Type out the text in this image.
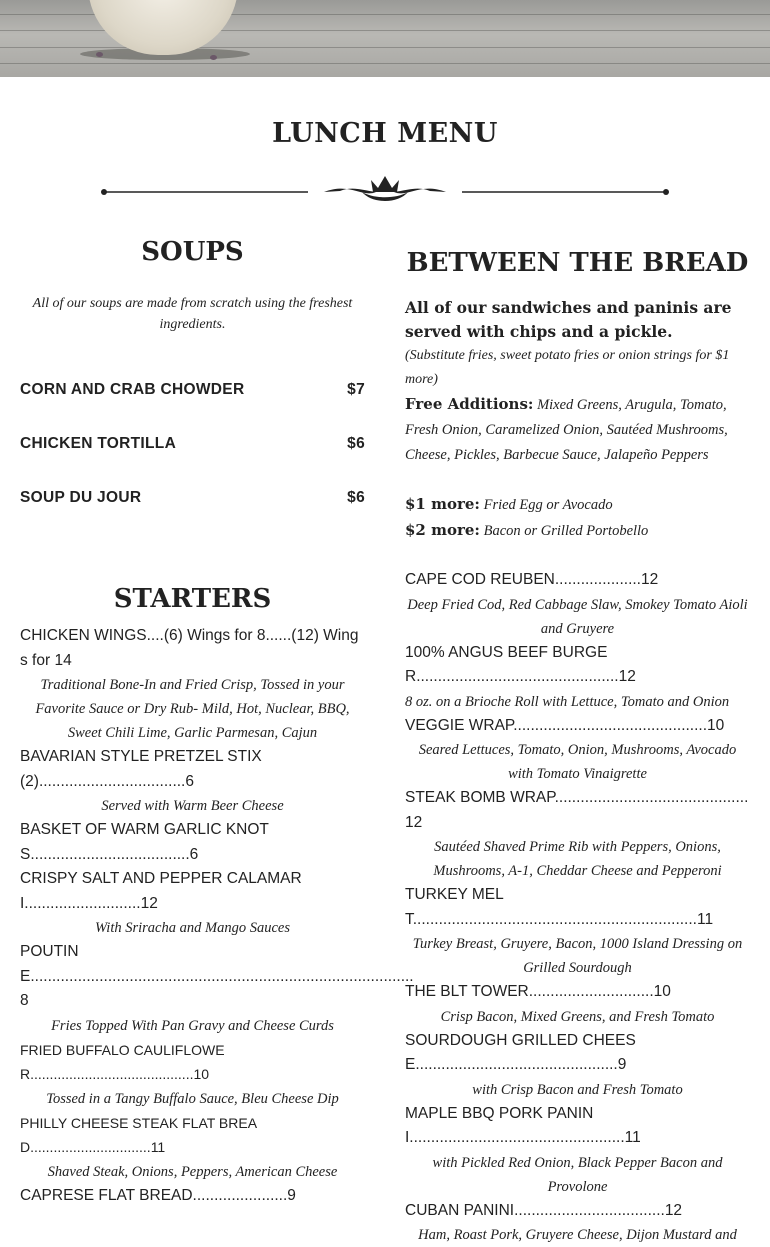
LUNCH MENU
SOUPS

All of our soups are made from scratch using the freshest ingredients.

CORN AND CRAB CHOWDER	$7
CHICKEN TORTILLA	$6
SOUP DU JOUR	$6
STARTERS
CHICKEN WINGS....(6) Wings for 8......(12) Wings for 14
Traditional Bone-In and Fried Crisp, Tossed in your Favorite Sauce or Dry Rub- Mild, Hot, Nuclear, BBQ, Sweet Chili Lime, Garlic Parmesan, Cajun
BAVARIAN STYLE PRETZEL STIX (2)..................................6
Served with Warm Beer Cheese
BASKET OF WARM GARLIC KNOTS.....................................6
CRISPY SALT AND PEPPER CALAMARI...........................12
With Sriracha and Mango Sauces
POUTINE.........................................................................................8
Fries Topped With Pan Gravy and Cheese Curds
FRIED BUFFALO CAULIFLOWER..........................................10
Tossed in a Tangy Buffalo Sauce, Bleu Cheese Dip
PHILLY CHEESE STEAK FLAT BREAD...............................11
Shaved Steak, Onions, Peppers, American Cheese
CAPRESE FLAT BREAD......................9
BETWEEN THE BREAD
All of our sandwiches and paninis are served with chips and a pickle.
(Substitute fries, sweet potato fries or onion strings for $1 more)
Free Additions: Mixed Greens, Arugula, Tomato, Fresh Onion, Caramelized Onion, Sautéed Mushrooms, Cheese, Pickles, Barbecue Sauce, Jalapeño Peppers
$1 more: Fried Egg or Avocado
$2 more: Bacon or Grilled Portobello
CAPE COD REUBEN....................12
Deep Fried Cod, Red Cabbage Slaw, Smokey Tomato Aioli and Gruyere
100% ANGUS BEEF BURGER...............................................12
8 oz. on a Brioche Roll with Lettuce, Tomato and Onion
VEGGIE WRAP.............................................10
Seared Lettuces, Tomato, Onion, Mushrooms, Avocado with Tomato Vinaigrette
STEAK BOMB WRAP.............................................12
Sautéed Shaved Prime Rib with Peppers, Onions, Mushrooms, A-1, Cheddar Cheese and Pepperoni
TURKEY MELT..................................................................11
Turkey Breast, Gruyere, Bacon, 1000 Island Dressing on Grilled Sourdough
THE BLT TOWER.............................10
Crisp Bacon, Mixed Greens, and Fresh Tomato
SOURDOUGH GRILLED CHEESE...............................................9
with Crisp Bacon and Fresh Tomato
MAPLE BBQ PORK PANINI..................................................11
with Pickled Red Onion, Black Pepper Bacon and Provolone
CUBAN PANINI...................................12
Ham, Roast Pork, Gruyere Cheese, Dijon Mustard and
